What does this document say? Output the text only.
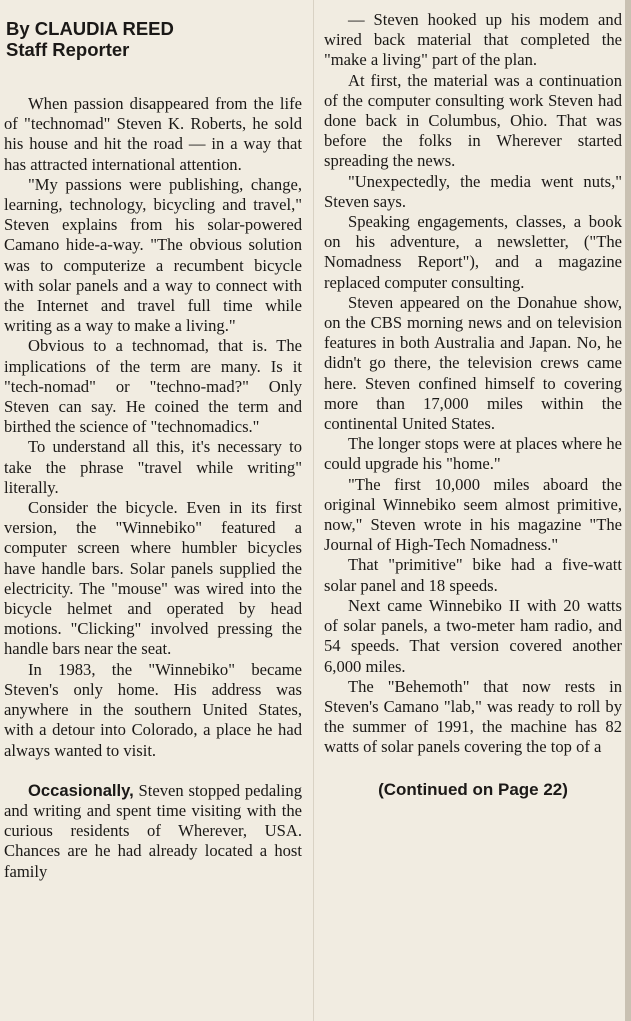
By CLAUDIA REED
Staff Reporter

When passion disappeared from the life of "technomad" Steven K. Roberts, he sold his house and hit the road — in a way that has attracted international attention.

"My passions were publishing, change, learning, technology, bicycling and travel," Steven explains from his solar-powered Camano hide-a-way. "The obvious solution was to computerize a recumbent bicycle with solar panels and a way to connect with the Internet and travel full time while writing as a way to make a living."

Obvious to a technomad, that is. The implications of the term are many. Is it "tech-nomad" or "techno-mad?" Only Steven can say. He coined the term and birthed the science of "technomadics."

To understand all this, it's necessary to take the phrase "travel while writing" literally.

Consider the bicycle. Even in its first version, the "Winnebiko" featured a computer screen where humbler bicycles have handle bars. Solar panels supplied the electricity. The "mouse" was wired into the bicycle helmet and operated by head motions. "Clicking" involved pressing the handle bars near the seat.

In 1983, the "Winnebiko" became Steven's only home. His address was anywhere in the southern United States, with a detour into Colorado, a place he had always wanted to visit.

Occasionally, Steven stopped pedaling and writing and spent time visiting with the curious residents of Wherever, USA. Chances are he had already located a host family

— Steven hooked up his modem and wired back material that completed the "make a living" part of the plan.

At first, the material was a continuation of the computer consulting work Steven had done back in Columbus, Ohio. That was before the folks in Wherever started spreading the news.

"Unexpectedly, the media went nuts," Steven says.

Speaking engagements, classes, a book on his adventure, a newsletter, ("The Nomadness Report"), and a magazine replaced computer consulting.

Steven appeared on the Donahue show, on the CBS morning news and on television features in both Australia and Japan. No, he didn't go there, the television crews came here. Steven confined himself to covering more than 17,000 miles within the continental United States.

The longer stops were at places where he could upgrade his "home."

"The first 10,000 miles aboard the original Winnebiko seem almost primitive, now," Steven wrote in his magazine "The Journal of High-Tech Nomadness."

That "primitive" bike had a five-watt solar panel and 18 speeds.

Next came Winnebiko II with 20 watts of solar panels, a two-meter ham radio, and 54 speeds. That version covered another 6,000 miles.

The "Behemoth" that now rests in Steven's Camano "lab," was ready to roll by the summer of 1991, the machine has 82 watts of solar panels covering the top of a

(Continued on Page 22)
